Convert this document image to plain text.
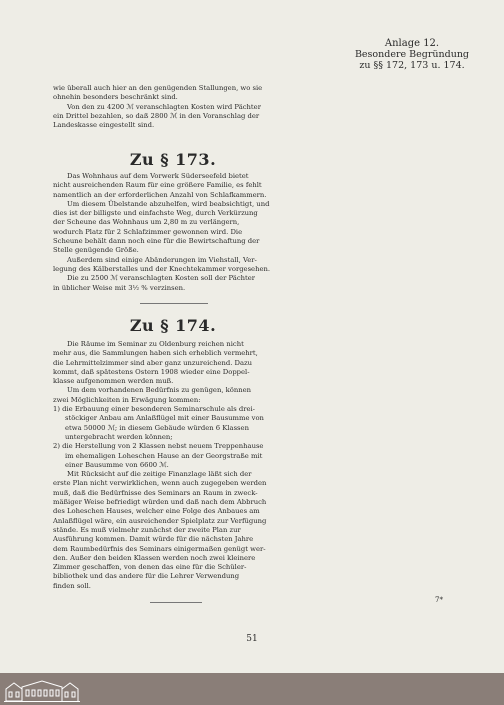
Anlage 12.
Besondere Begründung
zu §§ 172, 173 u. 174.

wie überall auch hier an den genügenden Stallungen, wo sie

ohnehin besonders beschränkt sind.

Von den zu 4200 ℳ veranschlagten Kosten wird Pächter

ein Drittel bezahlen, so daß 2800 ℳ in den Voranschlag der

Landeskasse eingestellt sind.

Zu § 173.

Das Wohnhaus auf dem Vorwerk Süderseefeld bietet

nicht ausreichenden Raum für eine größere Familie, es fehlt

namentlich an der erforderlichen Anzahl von Schlafkammern.

Um diesem Übelstande abzuhelfen, wird beabsichtigt, und

dies ist der billigste und einfachste Weg, durch Verkürzung

der Scheune das Wohnhaus um 2,80 m zu verlängern,

wodurch Platz für 2 Schlafzimmer gewonnen wird. Die

Scheune behält dann noch eine für die Bewirtschaftung der

Stelle genügende Größe.

Außerdem sind einige Abänderungen im Viehstall, Ver-

legung des Kälberstalles und der Knechtekammer vorgesehen.

Die zu 2500 ℳ veranschlagten Kosten soll der Pächter

in üblicher Weise mit 3½ % verzinsen.

Zu § 174.

Die Räume im Seminar zu Oldenburg reichen nicht

mehr aus, die Sammlungen haben sich erheblich vermehrt,

die Lehrmittelzimmer sind aber ganz unzureichend. Dazu

kommt, daß spätestens Ostern 1908 wieder eine Doppel-

klasse aufgenommen werden muß.

Um dem vorhandenen Bedürfnis zu genügen, können

zwei Möglichkeiten in Erwägung kommen:

1) die Erbauung einer besonderen Seminarschule als drei-

stöckiger Anbau am Anlaßflügel mit einer Bausumme von

etwa 50000 ℳ; in diesem Gebäude würden 6 Klassen

untergebracht werden können;

2) die Herstellung von 2 Klassen nebst neuem Treppenhause

im ehemaligen Loheschen Hause an der Georgstraße mit

einer Bausumme von 6600 ℳ.

Mit Rücksicht auf die zeitige Finanzlage läßt sich der

erste Plan nicht verwirklichen, wenn auch zugegeben werden

muß, daß die Bedürfnisse des Seminars an Raum in zweck-

mäßiger Weise befriedigt würden und daß nach dem Abbruch

des Loheschen Hauses, welcher eine Folge des Anbaues am

Anlaßflügel wäre, ein ausreichender Spielplatz zur Verfügung

stände. Es muß vielmehr zunächst der zweite Plan zur

Ausführung kommen. Damit würde für die nächsten Jahre

dem Raumbedürfnis des Seminars einigermaßen genügt wer-

den. Außer den beiden Klassen werden noch zwei kleinere

Zimmer geschaffen, von denen das eine für die Schüler-

bibliothek und das andere für die Lehrer Verwendung

finden soll.

7*
51
